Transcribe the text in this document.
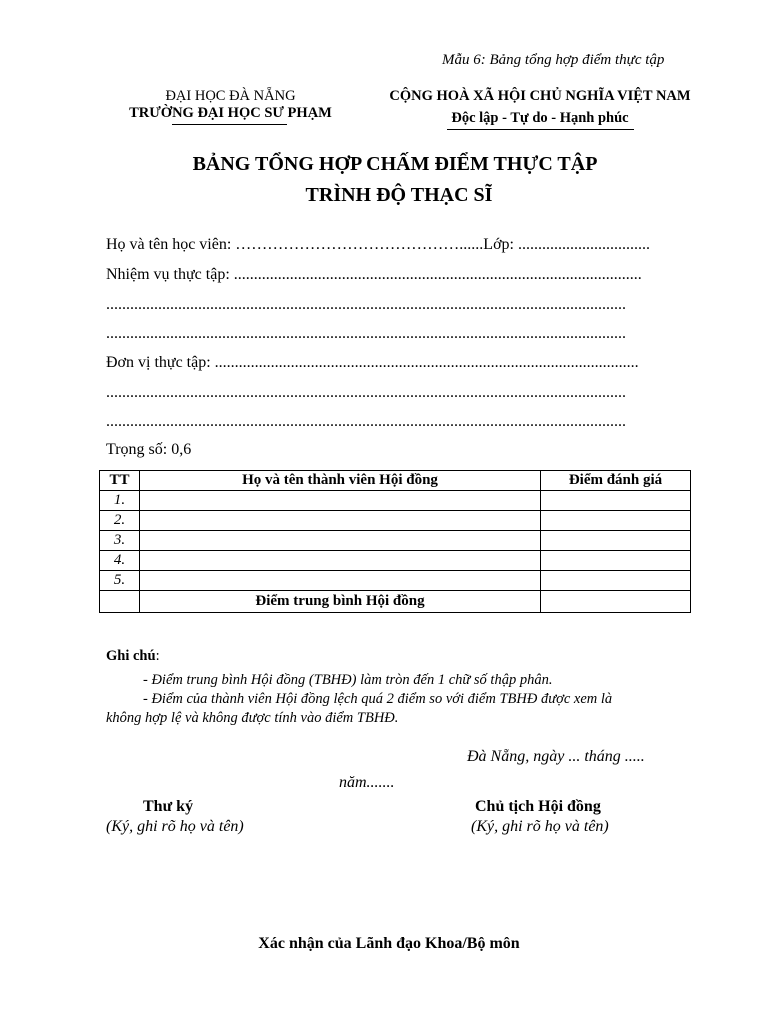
Mẫu 6: Bảng tổng hợp điểm thực tập
ĐẠI HỌC ĐÀ NẴNG
TRƯỜNG ĐẠI HỌC SƯ PHẠM
CỘNG HOÀ XÃ HỘI CHỦ NGHĨA VIỆT NAM
Độc lập - Tự do - Hạnh phúc
BẢNG TỔNG HỢP CHẤM ĐIỂM THỰC TẬP
TRÌNH ĐỘ THẠC SĨ
Họ và tên học viên: ……………………………………......Lớp: .................................
Nhiệm vụ thực tập: ......................................................................................................
..................................................................................................................................
..................................................................................................................................
Đơn vị thực tập: ..........................................................................................................
..................................................................................................................................
..................................................................................................................................
Trọng số: 0,6
TT	Họ và tên thành viên Hội đồng	Điểm đánh giá
1.		
2.		
3.		
4.		
5.		
	Điểm trung bình Hội đồng	
Ghi chú:
- Điểm trung bình Hội đồng (TBHĐ) làm tròn đến 1 chữ số thập phân.
- Điểm của thành viên Hội đồng lệch quá 2 điểm so với điểm TBHĐ được xem là
không hợp lệ và không được tính vào điểm TBHĐ.
Đà Nẵng, ngày ... tháng .....
năm.......
Thư ký
(Ký, ghi rõ họ và tên)
Chủ tịch Hội đồng
(Ký, ghi rõ họ và tên)
Xác nhận của Lãnh đạo Khoa/Bộ môn
